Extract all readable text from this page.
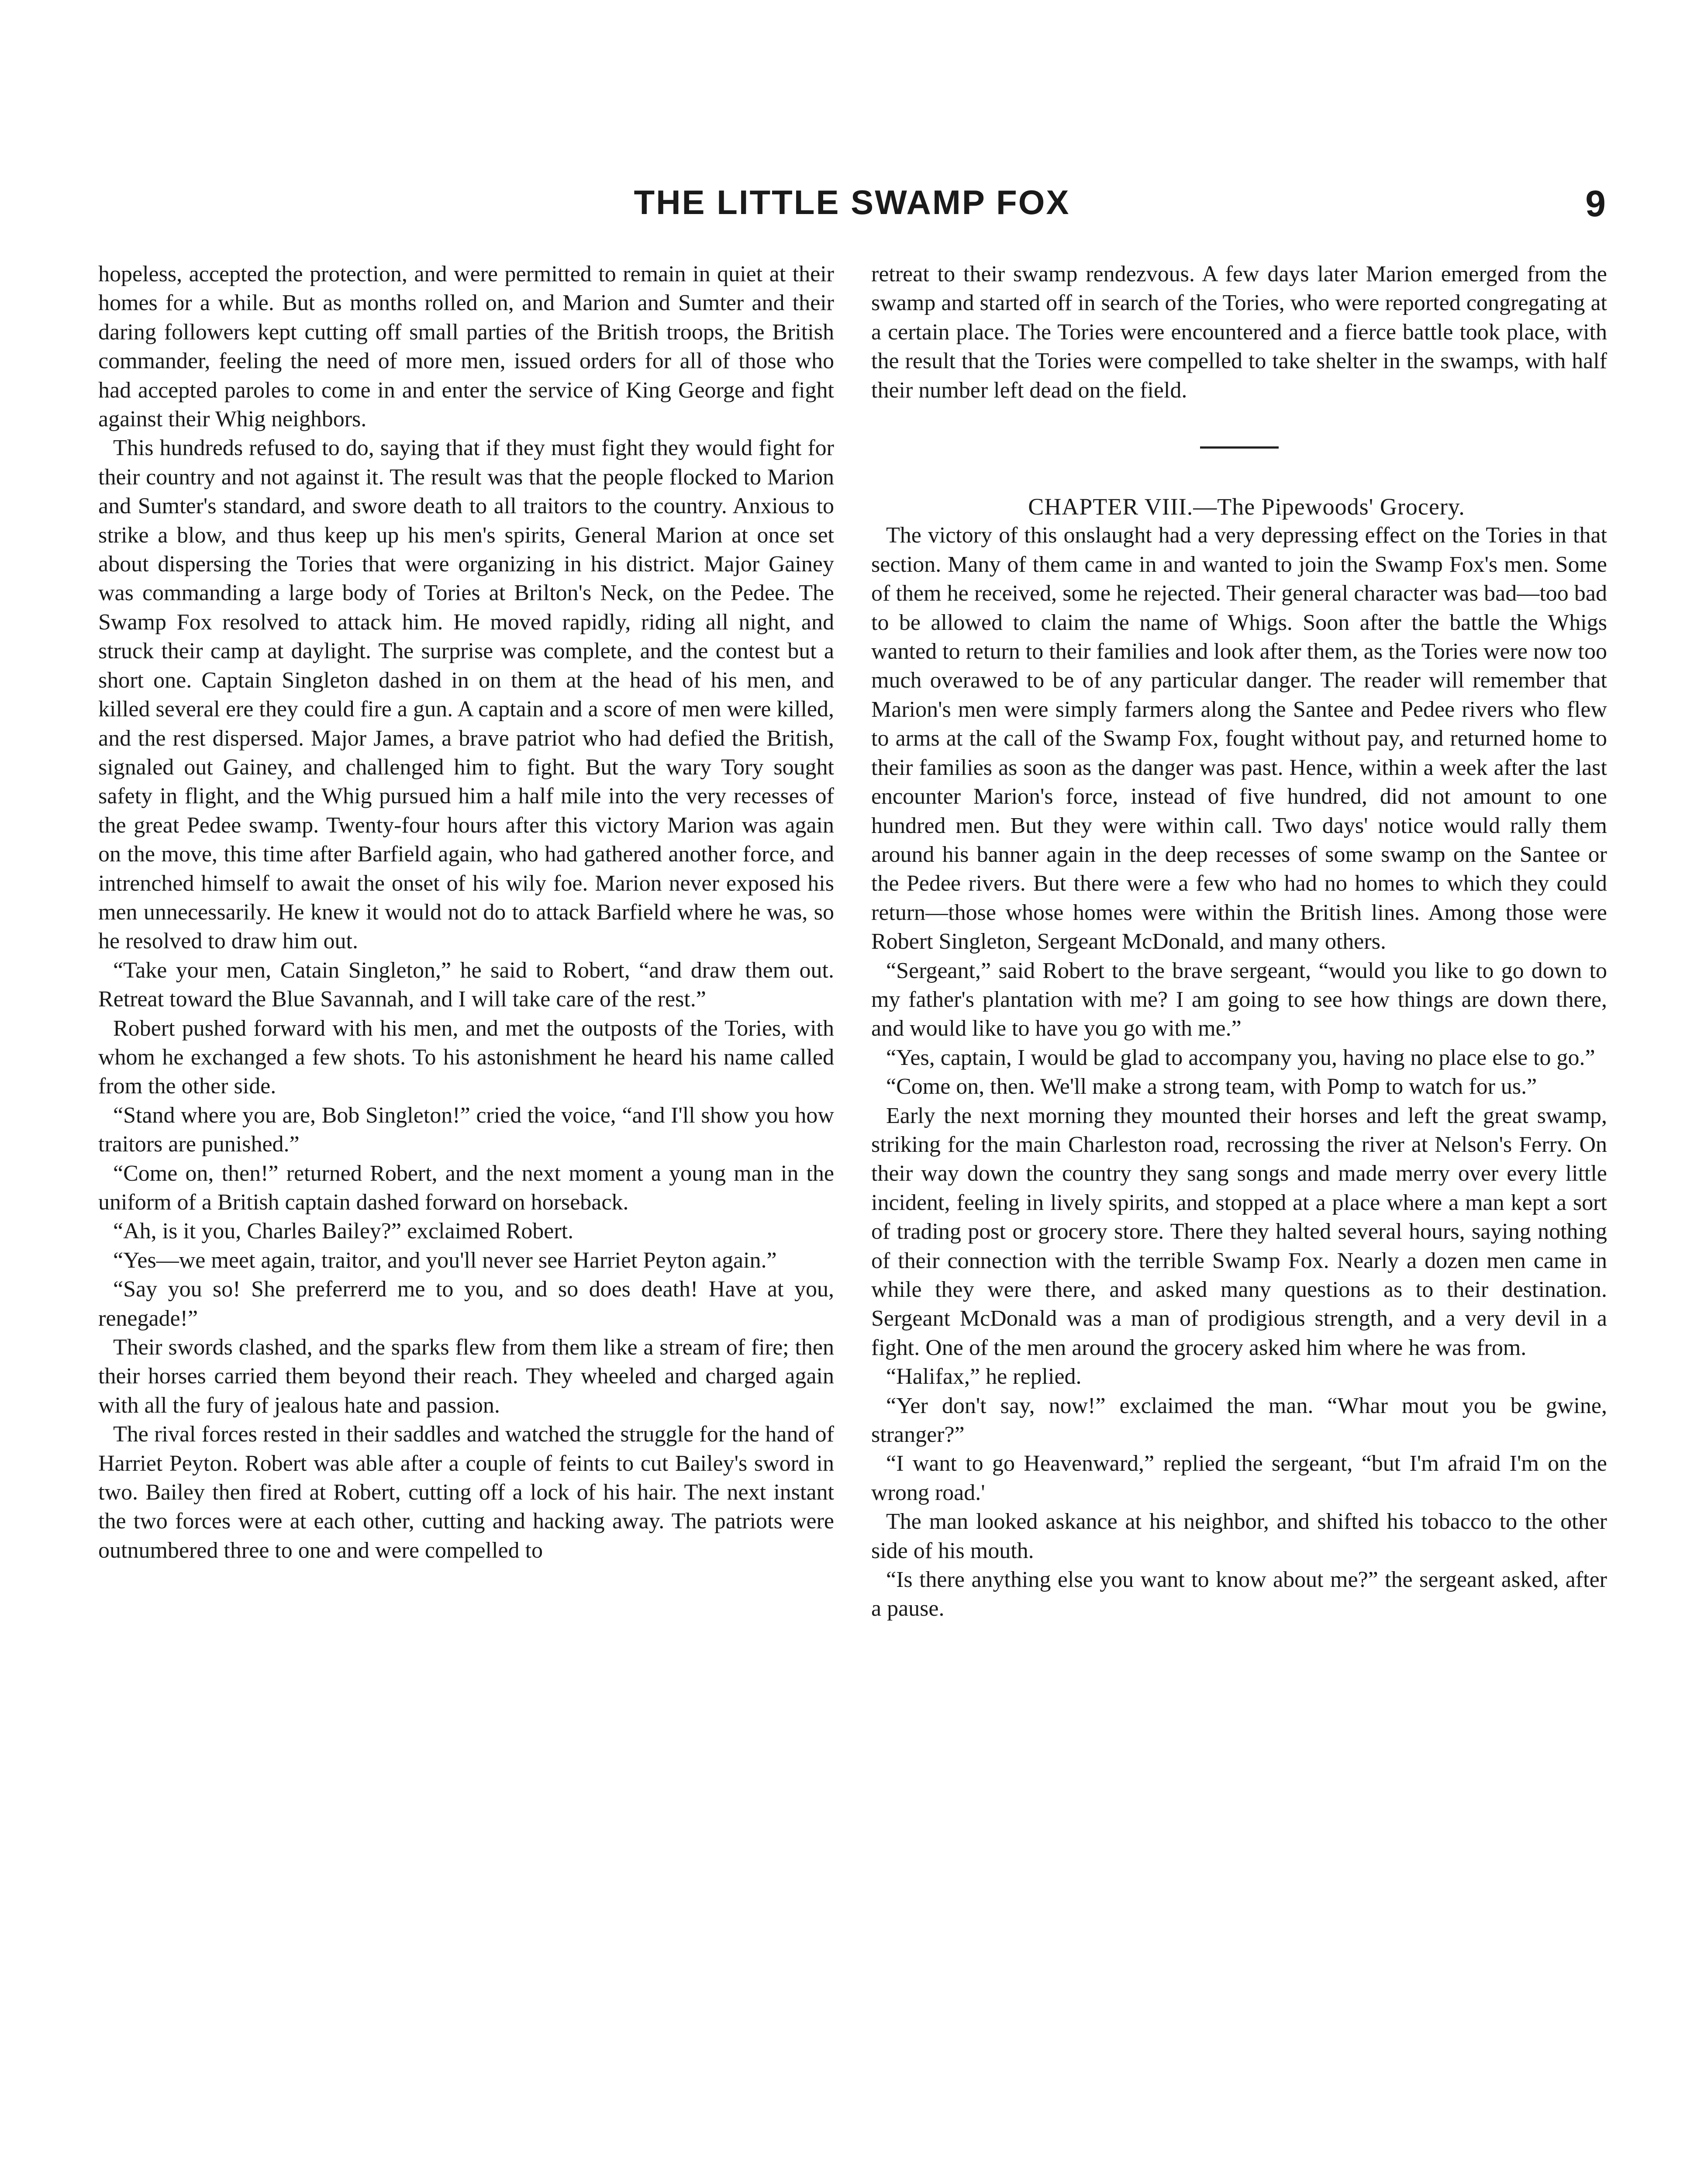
THE LITTLE SWAMP FOX	9

hopeless, accepted the protection, and were permitted to remain in quiet at their homes for a while. But as months rolled on, and Marion and Sumter and their daring followers kept cutting off small parties of the British troops, the British commander, feeling the need of more men, issued orders for all of those who had accepted paroles to come in and enter the service of King George and fight against their Whig neighbors.

This hundreds refused to do, saying that if they must fight they would fight for their country and not against it. The result was that the people flocked to Marion and Sumter's standard, and swore death to all traitors to the country. Anxious to strike a blow, and thus keep up his men's spirits, General Marion at once set about dispersing the Tories that were organizing in his district. Major Gainey was commanding a large body of Tories at Brilton's Neck, on the Pedee. The Swamp Fox resolved to attack him. He moved rapidly, riding all night, and struck their camp at daylight. The surprise was complete, and the contest but a short one. Captain Singleton dashed in on them at the head of his men, and killed several ere they could fire a gun. A captain and a score of men were killed, and the rest dispersed. Major James, a brave patriot who had defied the British, signaled out Gainey, and challenged him to fight. But the wary Tory sought safety in flight, and the Whig pursued him a half mile into the very recesses of the great Pedee swamp. Twenty-four hours after this victory Marion was again on the move, this time after Barfield again, who had gathered another force, and intrenched himself to await the onset of his wily foe. Marion never exposed his men unnecessarily. He knew it would not do to attack Barfield where he was, so he resolved to draw him out.

“Take your men, Catain Singleton,” he said to Robert, “and draw them out. Retreat toward the Blue Savannah, and I will take care of the rest.”

Robert pushed forward with his men, and met the outposts of the Tories, with whom he exchanged a few shots. To his astonishment he heard his name called from the other side.

“Stand where you are, Bob Singleton!” cried the voice, “and I'll show you how traitors are punished.”

“Come on, then!” returned Robert, and the next moment a young man in the uniform of a British captain dashed forward on horseback.

“Ah, is it you, Charles Bailey?” exclaimed Robert.

“Yes—we meet again, traitor, and you'll never see Harriet Peyton again.”

“Say you so! She preferrerd me to you, and so does death! Have at you, renegade!”

Their swords clashed, and the sparks flew from them like a stream of fire; then their horses carried them beyond their reach. They wheeled and charged again with all the fury of jealous hate and passion.

The rival forces rested in their saddles and watched the struggle for the hand of Harriet Peyton. Robert was able after a couple of feints to cut Bailey's sword in two. Bailey then fired at Robert, cutting off a lock of his hair. The next instant the two forces were at each other, cutting and hacking away. The patriots were outnumbered three to one and were compelled to

retreat to their swamp rendezvous. A few days later Marion emerged from the swamp and started off in search of the Tories, who were reported congregating at a certain place. The Tories were encountered and a fierce battle took place, with the result that the Tories were compelled to take shelter in the swamps, with half their number left dead on the field.

CHAPTER VIII.—The Pipewoods' Grocery.

The victory of this onslaught had a very depressing effect on the Tories in that section. Many of them came in and wanted to join the Swamp Fox's men. Some of them he received, some he rejected. Their general character was bad—too bad to be allowed to claim the name of Whigs. Soon after the battle the Whigs wanted to return to their families and look after them, as the Tories were now too much overawed to be of any particular danger. The reader will remember that Marion's men were simply farmers along the Santee and Pedee rivers who flew to arms at the call of the Swamp Fox, fought without pay, and returned home to their families as soon as the danger was past. Hence, within a week after the last encounter Marion's force, instead of five hundred, did not amount to one hundred men. But they were within call. Two days' notice would rally them around his banner again in the deep recesses of some swamp on the Santee or the Pedee rivers. But there were a few who had no homes to which they could return—those whose homes were within the British lines. Among those were Robert Singleton, Sergeant McDonald, and many others.

“Sergeant,” said Robert to the brave sergeant, “would you like to go down to my father's plantation with me? I am going to see how things are down there, and would like to have you go with me.”

“Yes, captain, I would be glad to accompany you, having no place else to go.”

“Come on, then. We'll make a strong team, with Pomp to watch for us.”

Early the next morning they mounted their horses and left the great swamp, striking for the main Charleston road, recrossing the river at Nelson's Ferry. On their way down the country they sang songs and made merry over every little incident, feeling in lively spirits, and stopped at a place where a man kept a sort of trading post or grocery store. There they halted several hours, saying nothing of their connection with the terrible Swamp Fox. Nearly a dozen men came in while they were there, and asked many questions as to their destination. Sergeant McDonald was a man of prodigious strength, and a very devil in a fight. One of the men around the grocery asked him where he was from.

“Halifax,” he replied.

“Yer don't say, now!” exclaimed the man. “Whar mout you be gwine, stranger?”

“I want to go Heavenward,” replied the sergeant, “but I'm afraid I'm on the wrong road.'

The man looked askance at his neighbor, and shifted his tobacco to the other side of his mouth.

“Is there anything else you want to know about me?” the sergeant asked, after a pause.
